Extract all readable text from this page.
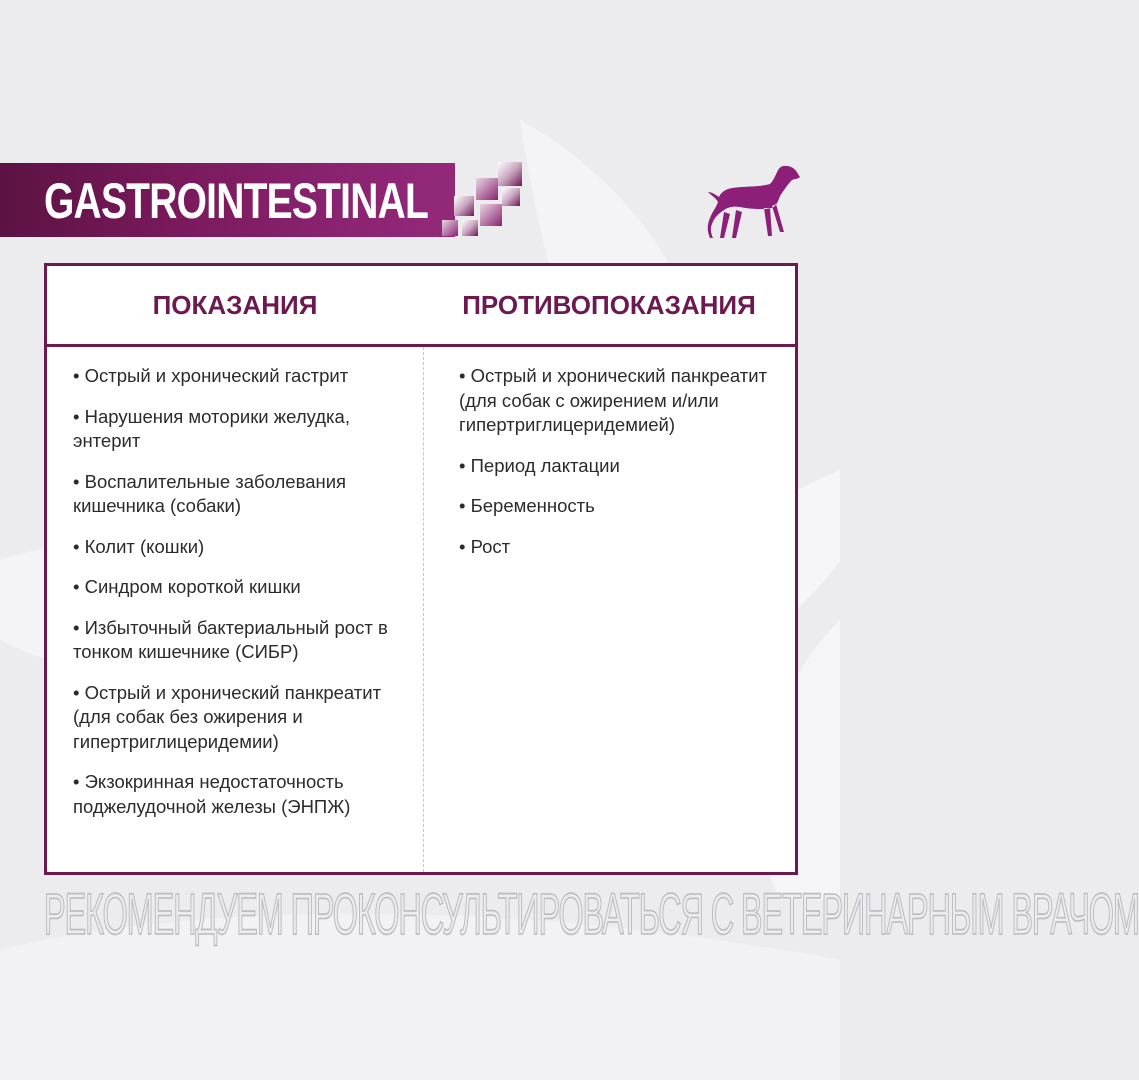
GASTROINTESTINAL
ПОКАЗАНИЯ	ПРОТИВОПОКАЗАНИЯ
• Острый и хронический гастрит
• Нарушения моторики желудка, энтерит
• Воспалительные заболевания кишечника (собаки)
• Колит (кошки)
• Синдром короткой кишки
• Избыточный бактериальный рост в тонком кишечнике (СИБР)
• Острый и хронический панкреатит (для собак без ожирения и гипертриглицеридемии)
• Экзокринная недостаточность поджелудочной железы (ЭНПЖ)
• Острый и хронический панкреатит (для собак с ожирением и/или гипертриглицеридемией)
• Период лактации
• Беременность
• Рост
РЕКОМЕНДУЕМ ПРОКОНСУЛЬТИРОВАТЬСЯ С ВЕТЕРИНАРНЫМ ВРАЧОМ
